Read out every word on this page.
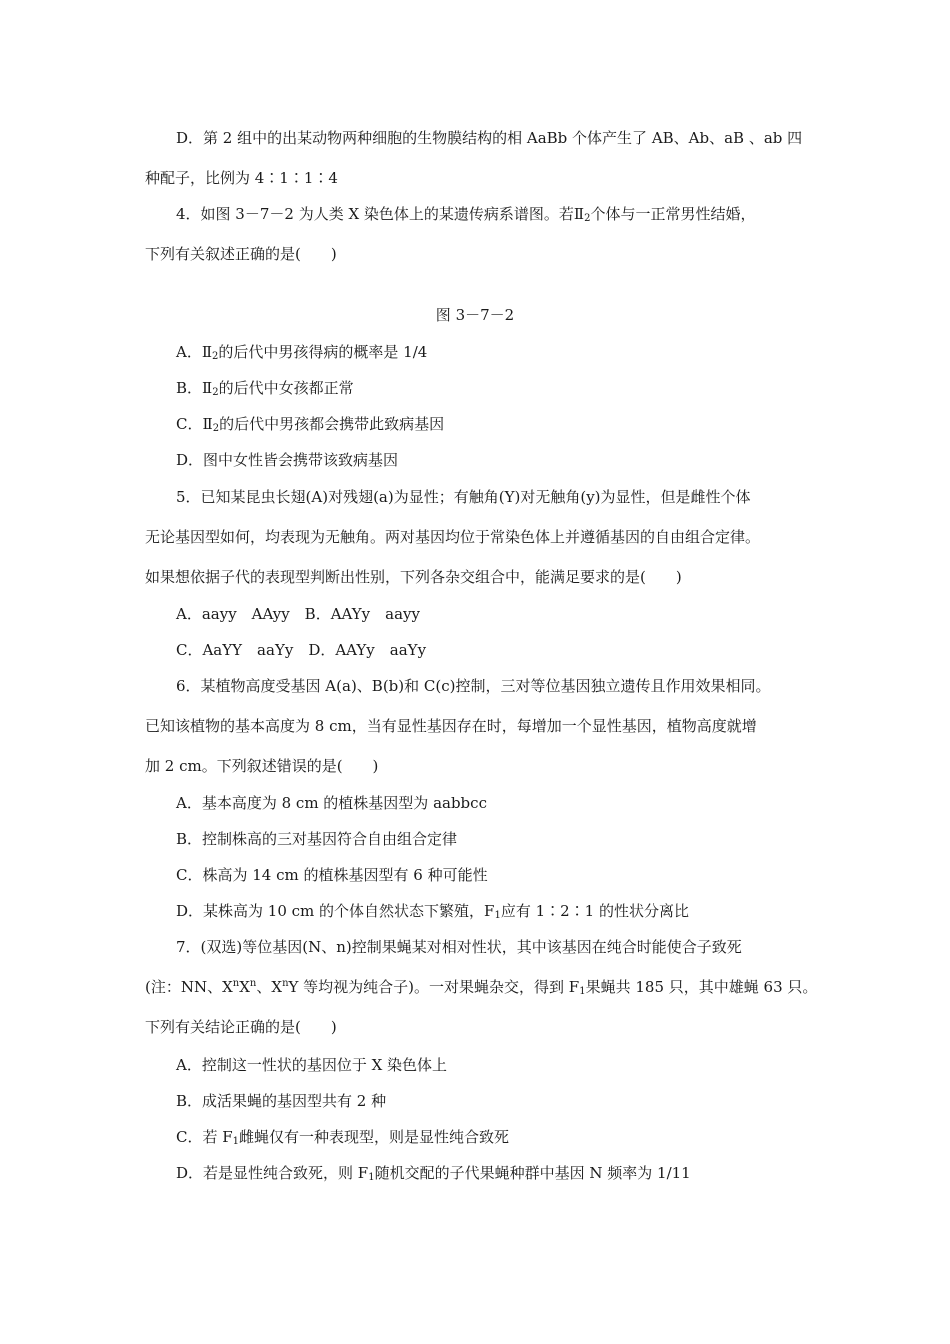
D．第 2 组中的出某动物两种细胞的生物膜结构的相 AaBb 个体产生了 AB、Ab、aB 、ab 四
种配子，比例为 4∶1∶1∶4
4．如图 3－7－2 为人类 X 染色体上的某遗传病系谱图。若$Ⅱ_2$个体与一正常男性结婚，
下列有关叙述正确的是(　　)
图 3－7－2
A．$Ⅱ_2$的后代中男孩得病的概率是 1/4
B．$Ⅱ_2$的后代中女孩都正常
C．$Ⅱ_2$的后代中男孩都会携带此致病基因
D．图中女性皆会携带该致病基因
5．已知某昆虫长翅(A)对残翅(a)为显性；有触角(Y)对无触角(y)为显性，但是雌性个体
无论基因型如何，均表现为无触角。两对基因均位于常染色体上并遵循基因的自由组合定律。
如果想依据子代的表现型判断出性别，下列各杂交组合中，能满足要求的是(　　)
A．aayy　AAyy　B．AAYy　aayy
C．AaYY　aaYy　D．AAYy　aaYy
6．某植物高度受基因 A(a)、B(b)和 C(c)控制，三对等位基因独立遗传且作用效果相同。
已知该植物的基本高度为 8 cm，当有显性基因存在时，每增加一个显性基因，植物高度就增
加 2 cm。下列叙述错误的是(　　)
A．基本高度为 8 cm 的植株基因型为 aabbcc
B．控制株高的三对基因符合自由组合定律
C．株高为 14 cm 的植株基因型有 6 种可能性
D．某株高为 10 cm 的个体自然状态下繁殖，$F_1$应有 1∶2∶1 的性状分离比
7．(双选)等位基因(N、n)控制果蝇某对相对性状，其中该基因在纯合时能使合子致死
(注：NN、$X^nX^n$、$X^nY$ 等均视为纯合子)。一对果蝇杂交，得到 $F_1$果蝇共 185 只，其中雄蝇 63 只。
下列有关结论正确的是(　　)
A．控制这一性状的基因位于 X 染色体上
B．成活果蝇的基因型共有 2 种
C．若 $F_1$雌蝇仅有一种表现型，则是显性纯合致死
D．若是显性纯合致死，则 $F_1$随机交配的子代果蝇种群中基因 N 频率为 1/11
